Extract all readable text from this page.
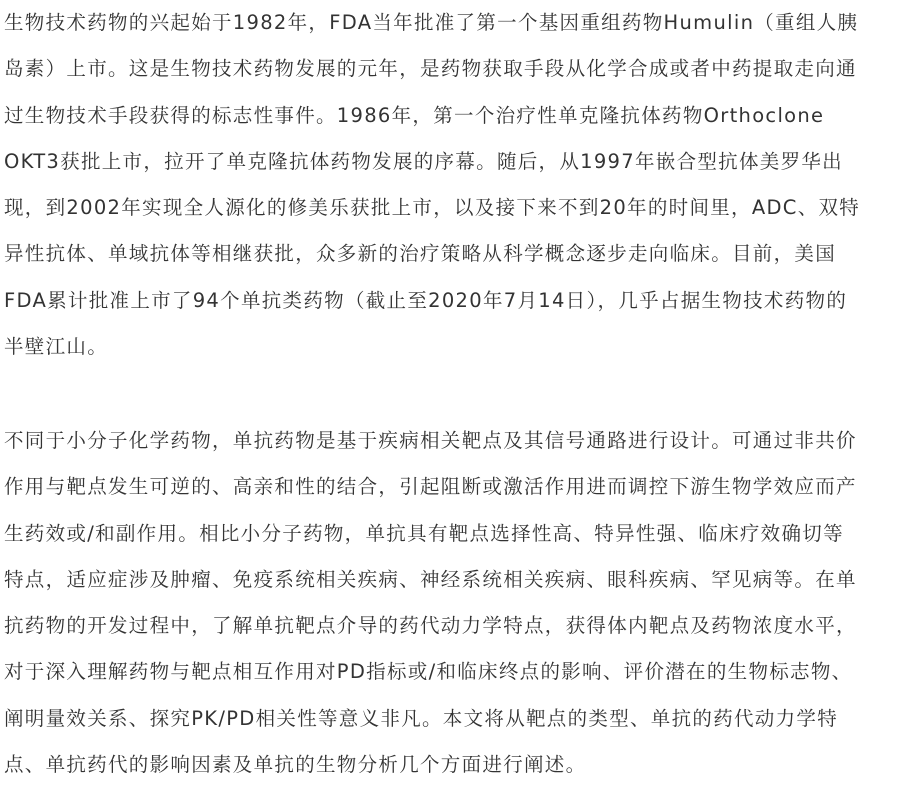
生物技术药物的兴起始于1982年，FDA当年批准了第一个基因重组药物Humulin（重组人胰
岛素）上市。这是生物技术药物发展的元年，是药物获取手段从化学合成或者中药提取走向通
过生物技术手段获得的标志性事件。1986年，第一个治疗性单克隆抗体药物Orthoclone
OKT3获批上市，拉开了单克隆抗体药物发展的序幕。随后，从1997年嵌合型抗体美罗华出
现，到2002年实现全人源化的修美乐获批上市，以及接下来不到20年的时间里，ADC、双特
异性抗体、单域抗体等相继获批，众多新的治疗策略从科学概念逐步走向临床。目前，美国
FDA累计批准上市了94个单抗类药物（截止至2020年7月14日），几乎占据生物技术药物的
半壁江山。
不同于小分子化学药物，单抗药物是基于疾病相关靶点及其信号通路进行设计。可通过非共价
作用与靶点发生可逆的、高亲和性的结合，引起阻断或激活作用进而调控下游生物学效应而产
生药效或/和副作用。相比小分子药物，单抗具有靶点选择性高、特异性强、临床疗效确切等
特点，适应症涉及肿瘤、免疫系统相关疾病、神经系统相关疾病、眼科疾病、罕见病等。在单
抗药物的开发过程中，了解单抗靶点介导的药代动力学特点，获得体内靶点及药物浓度水平，
对于深入理解药物与靶点相互作用对PD指标或/和临床终点的影响、评价潜在的生物标志物、
阐明量效关系、探究PK/PD相关性等意义非凡。本文将从靶点的类型、单抗的药代动力学特
点、单抗药代的影响因素及单抗的生物分析几个方面进行阐述。
